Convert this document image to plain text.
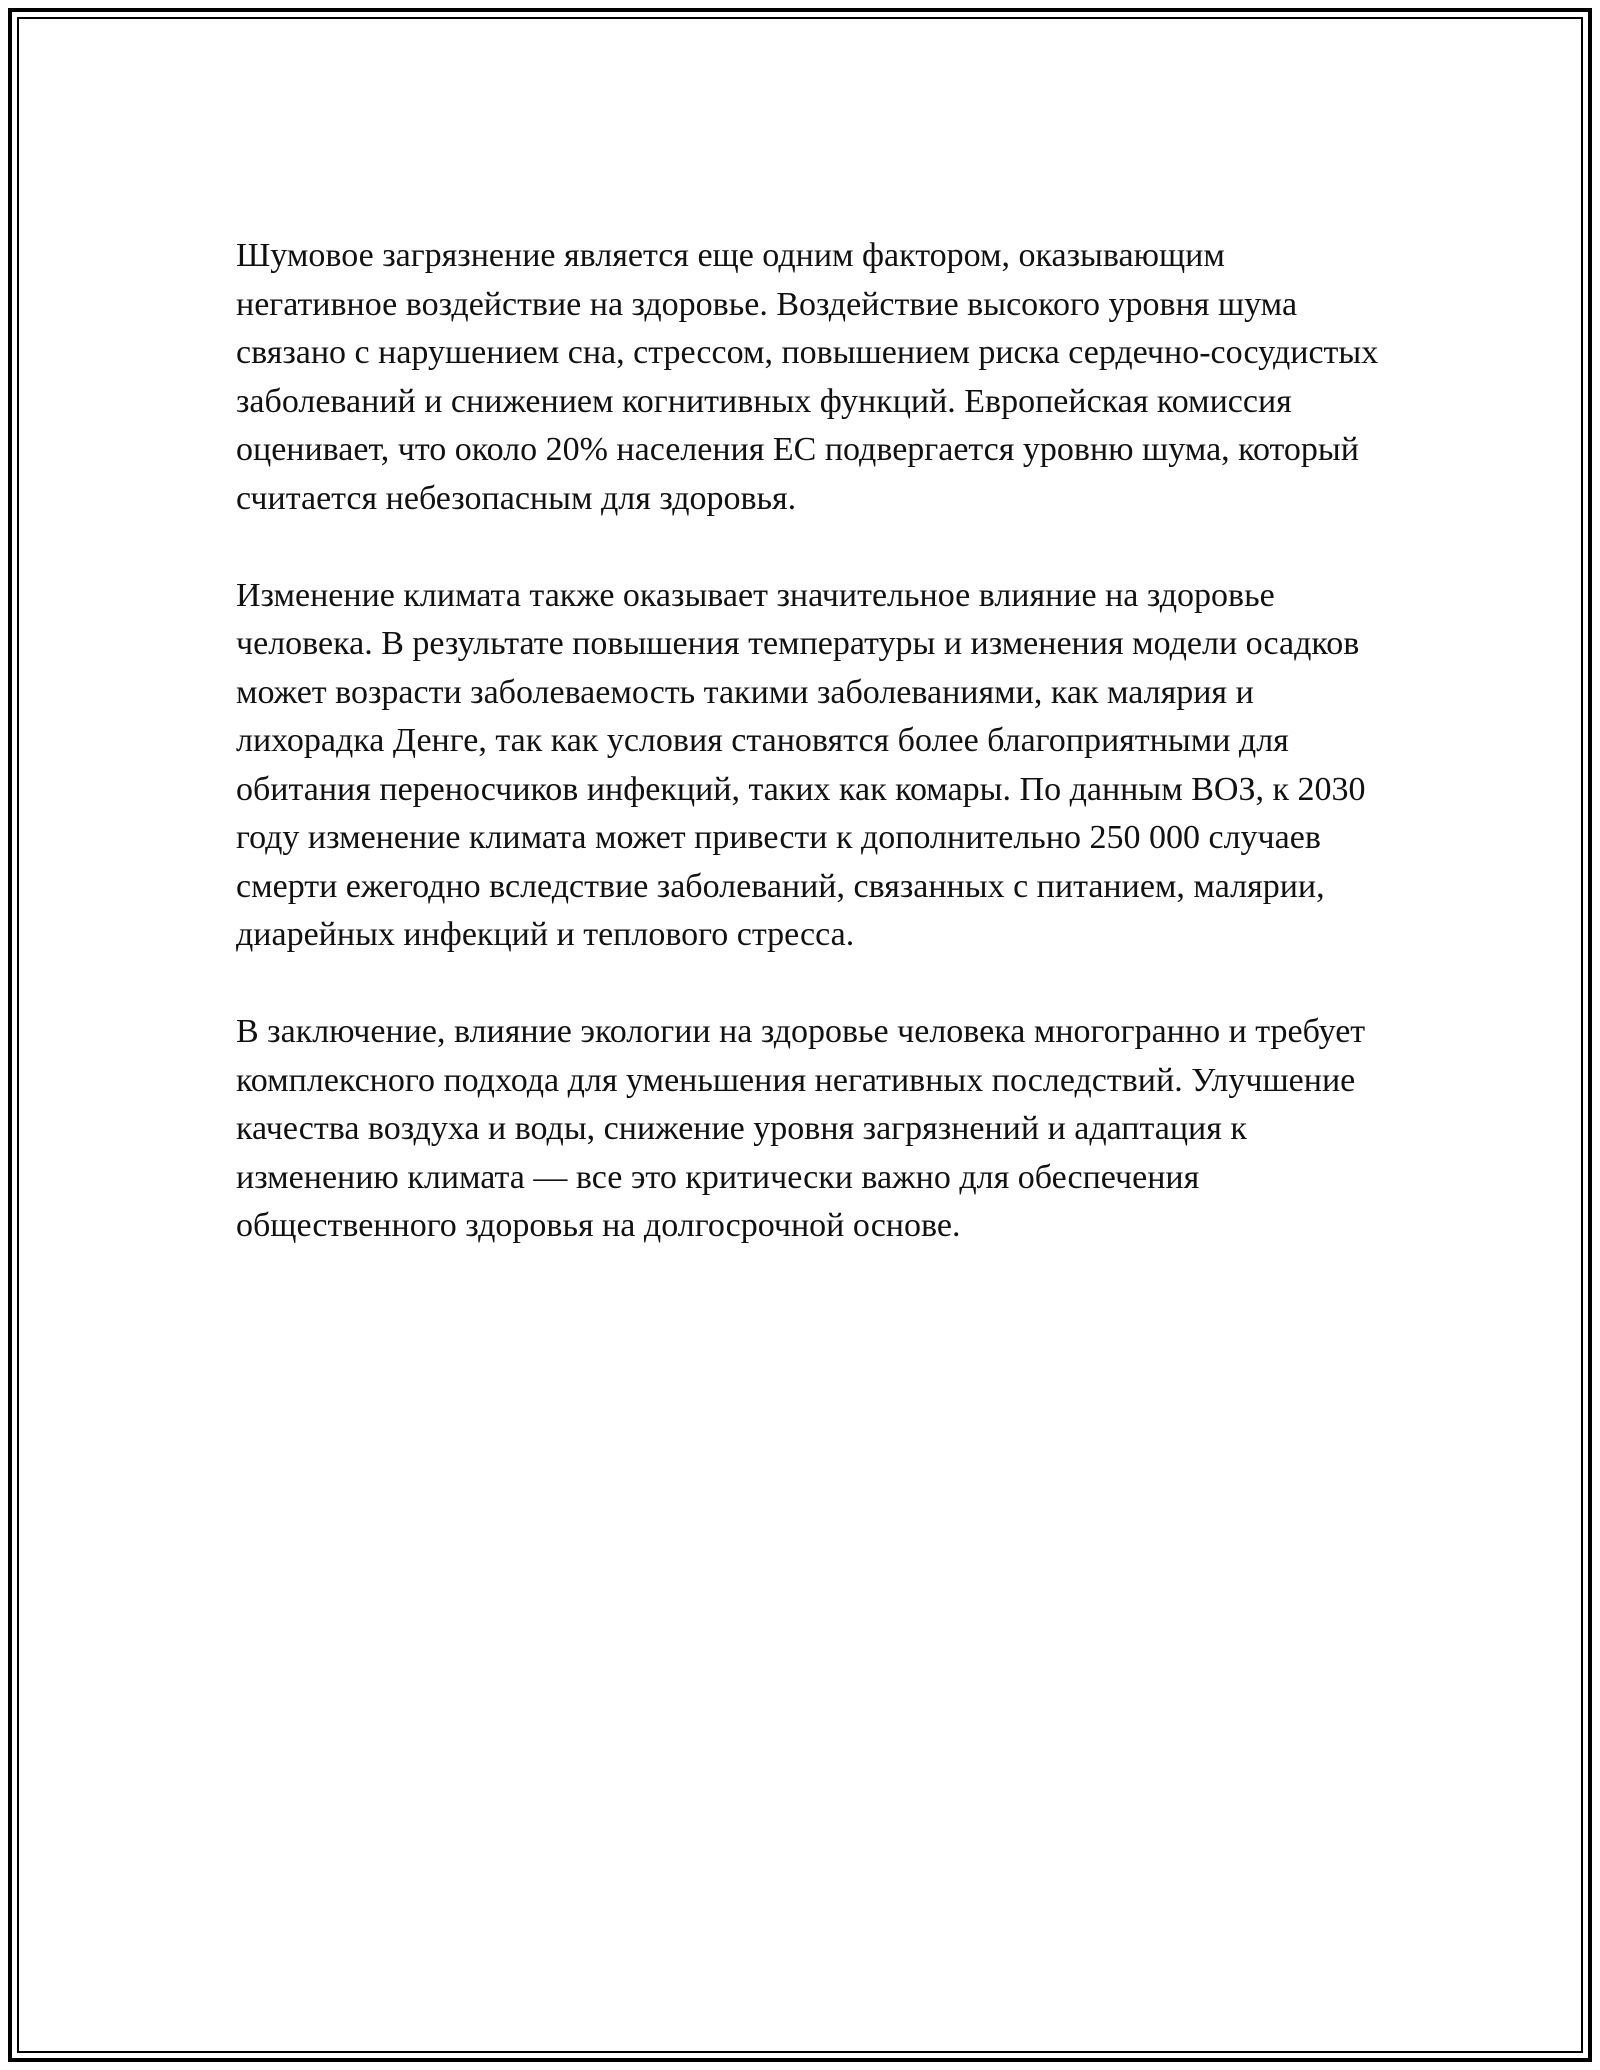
Шумовое загрязнение является еще одним фактором, оказывающим негативное воздействие на здоровье. Воздействие высокого уровня шума связано с нарушением сна, стрессом, повышением риска сердечно-сосудистых заболеваний и снижением когнитивных функций. Европейская комиссия оценивает, что около 20% населения ЕС подвергается уровню шума, который считается небезопасным для здоровья.

Изменение климата также оказывает значительное влияние на здоровье человека. В результате повышения температуры и изменения модели осадков может возрасти заболеваемость такими заболеваниями, как малярия и лихорадка Денге, так как условия становятся более благоприятными для обитания переносчиков инфекций, таких как комары. По данным ВОЗ, к 2030 году изменение климата может привести к дополнительно 250 000 случаев смерти ежегодно вследствие заболеваний, связанных с питанием, малярии, диарейных инфекций и теплового стресса.

В заключение, влияние экологии на здоровье человека многогранно и требует комплексного подхода для уменьшения негативных последствий. Улучшение качества воздуха и воды, снижение уровня загрязнений и адаптация к изменению климата — все это критически важно для обеспечения общественного здоровья на долгосрочной основе.
